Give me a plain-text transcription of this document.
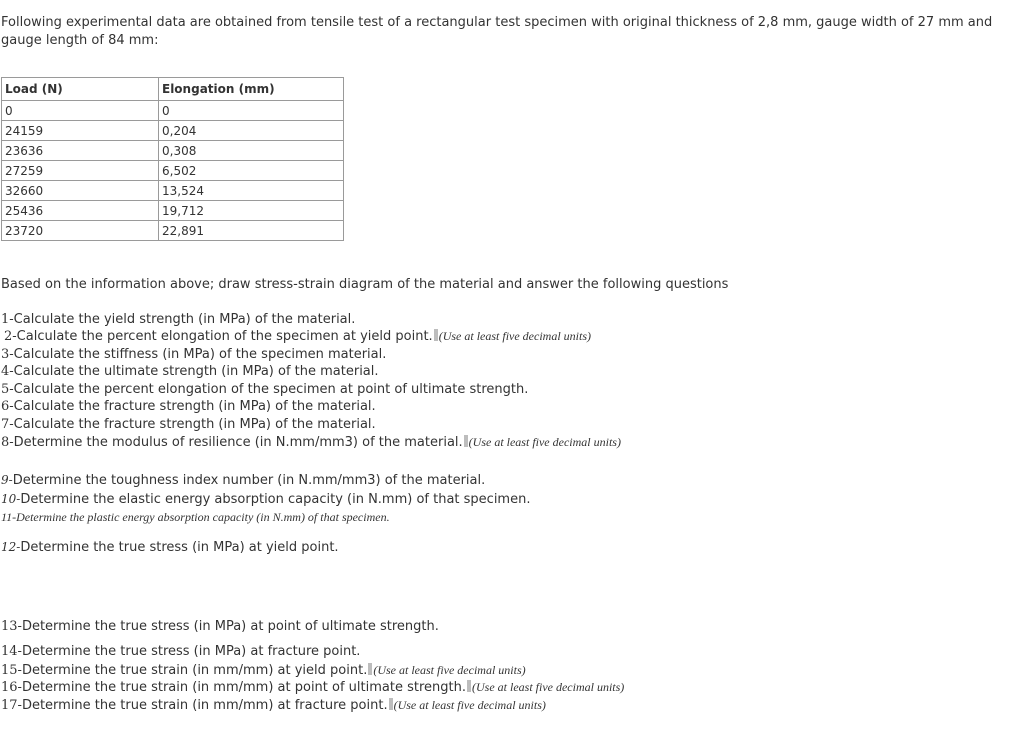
Following experimental data are obtained from tensile test of a rectangular test specimen with original thickness of 2,8 mm, gauge width of 27 mm and gauge length of 84 mm:
Load (N)	Elongation (mm)
0	0
24159	0,204
23636	0,308
27259	6,502
32660	13,524
25436	19,712
23720	22,891
Based on the information above; draw stress-strain diagram of the material and answer the following questions
1-Calculate the yield strength (in MPa) of the material.
2-Calculate the percent elongation of the specimen at yield point. (Use at least five decimal units)
3-Calculate the stiffness (in MPa) of the specimen material.
4-Calculate the ultimate strength (in MPa) of the material.
5-Calculate the percent elongation of the specimen at point of ultimate strength.
6-Calculate the fracture strength (in MPa) of the material.
7-Calculate the fracture strength (in MPa) of the material.
8-Determine the modulus of resilience (in N.mm/mm3) of the material. (Use at least five decimal units)
9-Determine the toughness index number (in N.mm/mm3) of the material.
10-Determine the elastic energy absorption capacity (in N.mm) of that specimen.
11-Determine the plastic energy absorption capacity (in N.mm) of that specimen.
12-Determine the true stress (in MPa) at yield point.
13-Determine the true stress (in MPa) at point of ultimate strength.
14-Determine the true stress (in MPa) at fracture point.
15-Determine the true strain (in mm/mm) at yield point. (Use at least five decimal units)
16-Determine the true strain (in mm/mm) at point of ultimate strength. (Use at least five decimal units)
17-Determine the true strain (in mm/mm) at fracture point. (Use at least five decimal units)
